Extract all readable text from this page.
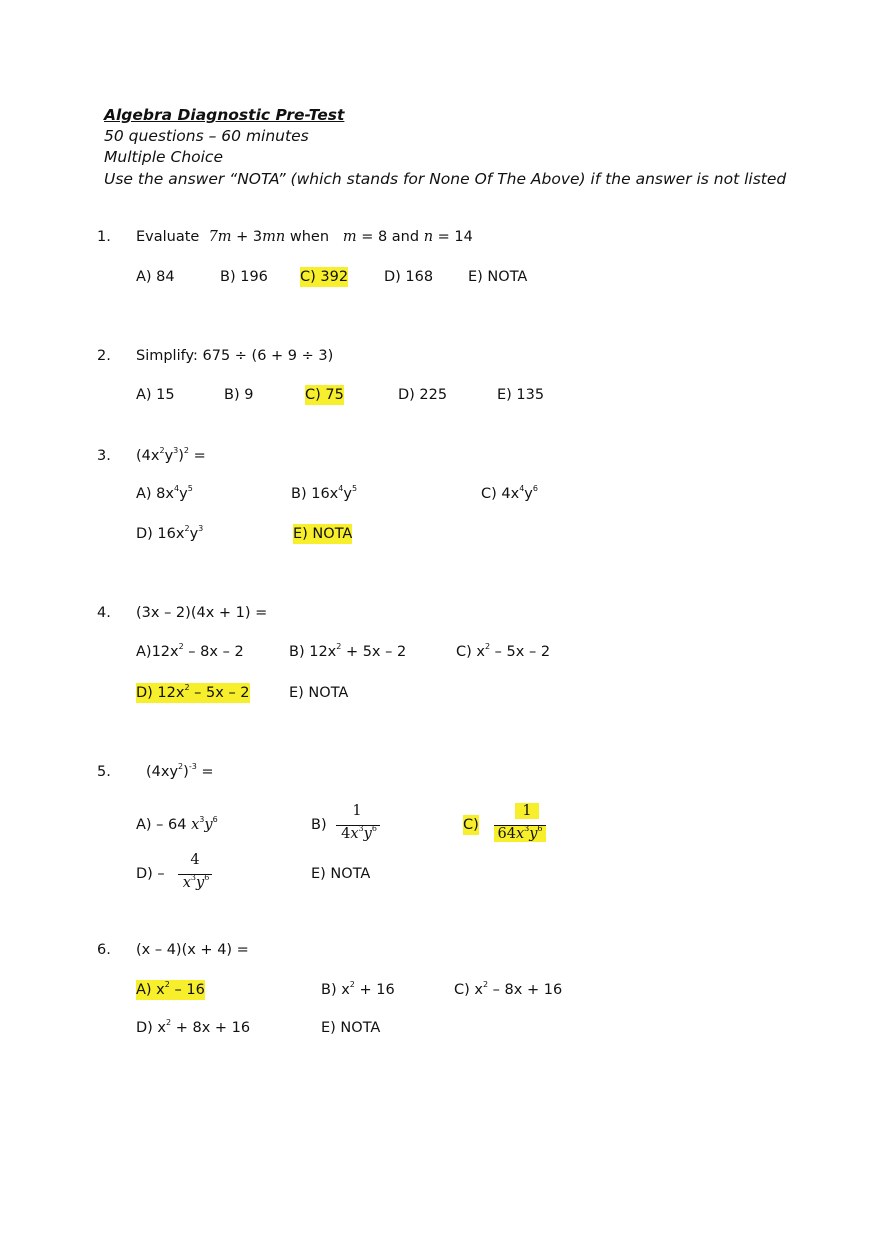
Algebra Diagnostic Pre-Test
50 questions – 60 minutes
Multiple Choice
Use the answer “NOTA” (which stands for None Of The Above) if the answer is not listed
1. Evaluate 7m + 3mn when   m = 8 and n = 14
A) 84	B) 196 C) 392 D) 168 E) NOTA
2. Simplify: 675 ÷ (6 + 9 ÷ 3)
A) 15	B) 9	C) 75	D) 225	E) 135
3. $(4x^2y^3)^2$ =
A) $8x^4y^5$	B) $16x^4y^5$	C) $4x^4y^6$
D) $16x^2y^3$	E) NOTA
4. (3x – 2)(4x + 1) =
$A)12x^2 - 8x - 2$	B) $12x^2 + 5x - 2$	C) $x^2 - 5x - 2$
D) $12x^2 - 5x - 2$	E) NOTA
5. $(4xy^2)^{-3}$ =
A) – 64 $x^3y^6$	B)
1
$4x^3y^6$	C)
1
$64x^3y^6$
D) –
4
$x^3y^6$	E) NOTA
6. (x – 4)(x + 4) =
A) $x^2 - 16$	B) $x^2 + 16$	C) $x^2 - 8x + 16$
D) $x^2 + 8x + 16$	E) NOTA
